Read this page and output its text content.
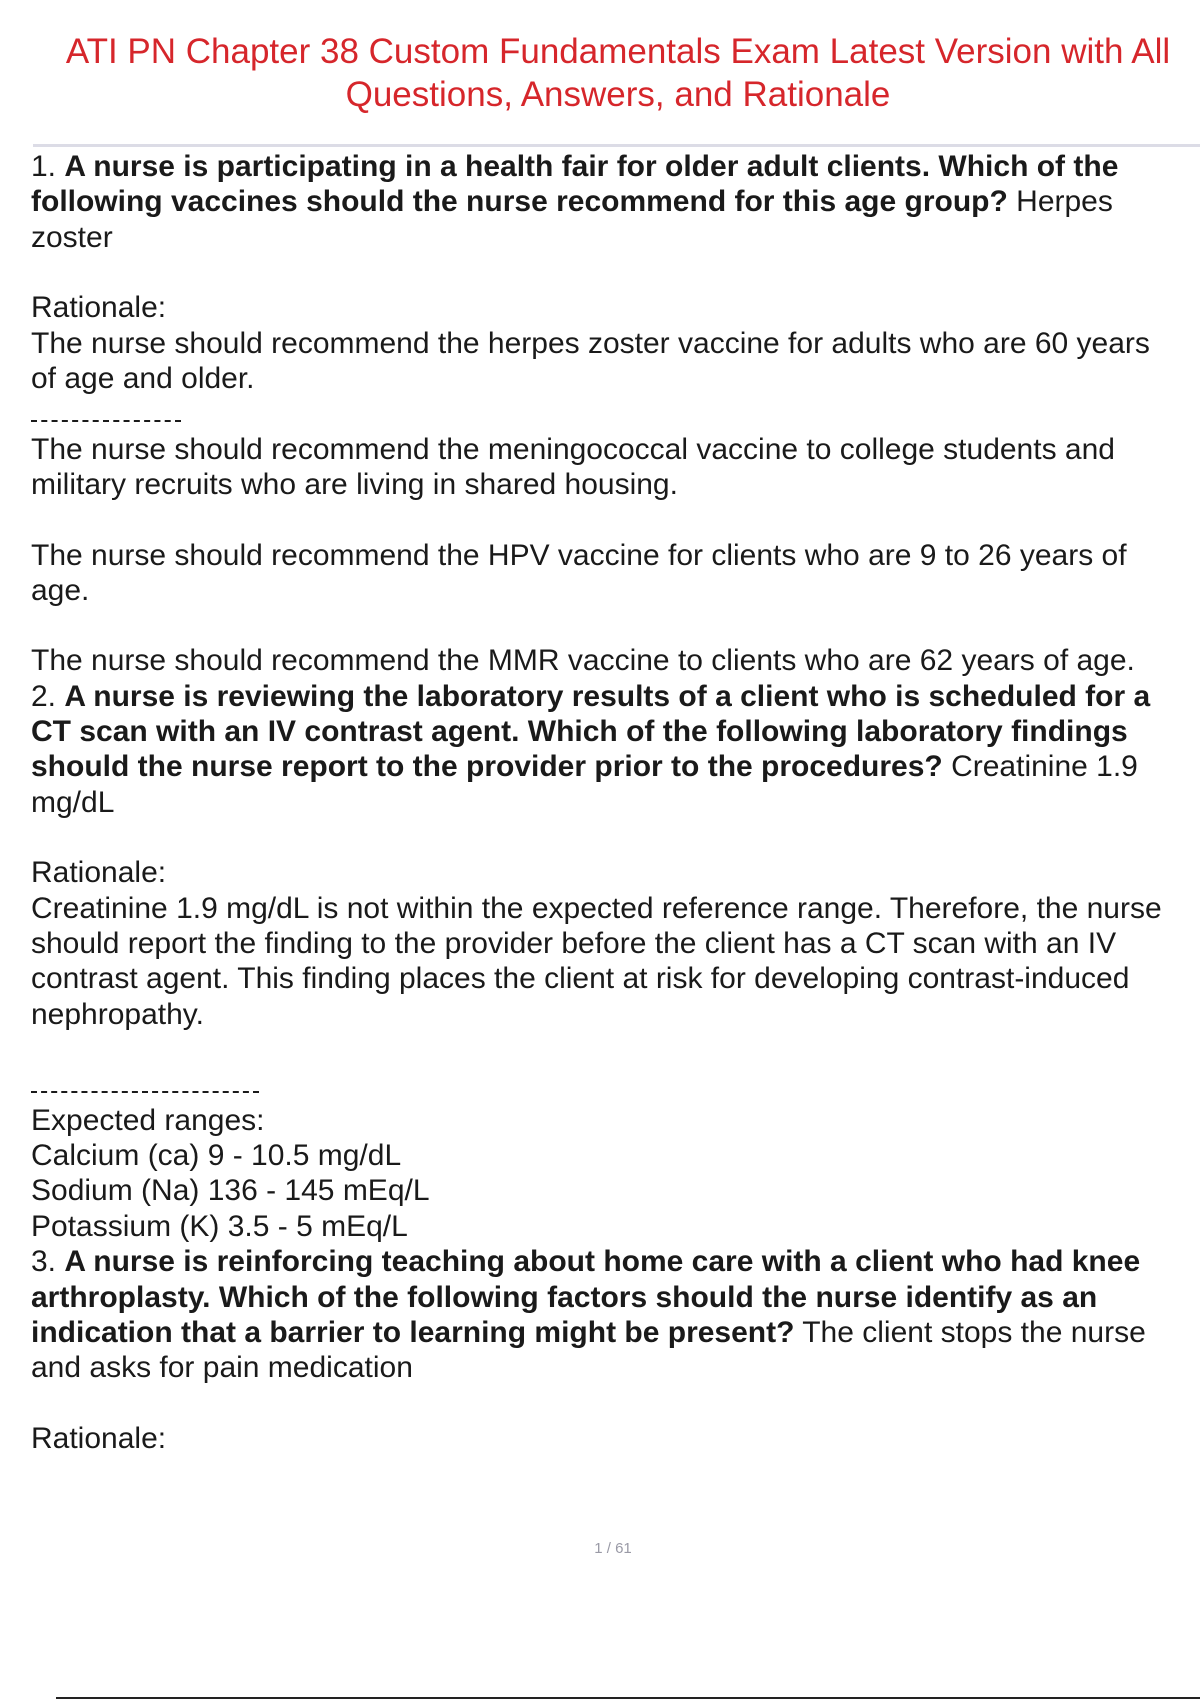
ATI PN Chapter 38 Custom Fundamentals Exam Latest Version with All
Questions, Answers, and Rationale
1. A nurse is participating in a health fair for older adult clients. Which of the
following vaccines should the nurse recommend for this age group? Herpes
zoster
Rationale:
The nurse should recommend the herpes zoster vaccine for adults who are 60 years
of age and older.
The nurse should recommend the meningococcal vaccine to college students and
military recruits who are living in shared housing.
The nurse should recommend the HPV vaccine for clients who are 9 to 26 years of
age.
The nurse should recommend the MMR vaccine to clients who are 62 years of age.
2. A nurse is reviewing the laboratory results of a client who is scheduled for a
CT scan with an IV contrast agent. Which of the following laboratory findings
should the nurse report to the provider prior to the procedures? Creatinine 1.9
mg/dL
Rationale:
Creatinine 1.9 mg/dL is not within the expected reference range. Therefore, the nurse
should report the finding to the provider before the client has a CT scan with an IV
contrast agent. This finding places the client at risk for developing contrast-induced
nephropathy.
Expected ranges:
Calcium (ca) 9 - 10.5 mg/dL
Sodium (Na) 136 - 145 mEq/L
Potassium (K) 3.5 - 5 mEq/L
3. A nurse is reinforcing teaching about home care with a client who had knee
arthroplasty. Which of the following factors should the nurse identify as an
indication that a barrier to learning might be present? The client stops the nurse
and asks for pain medication
Rationale:
1 / 61
